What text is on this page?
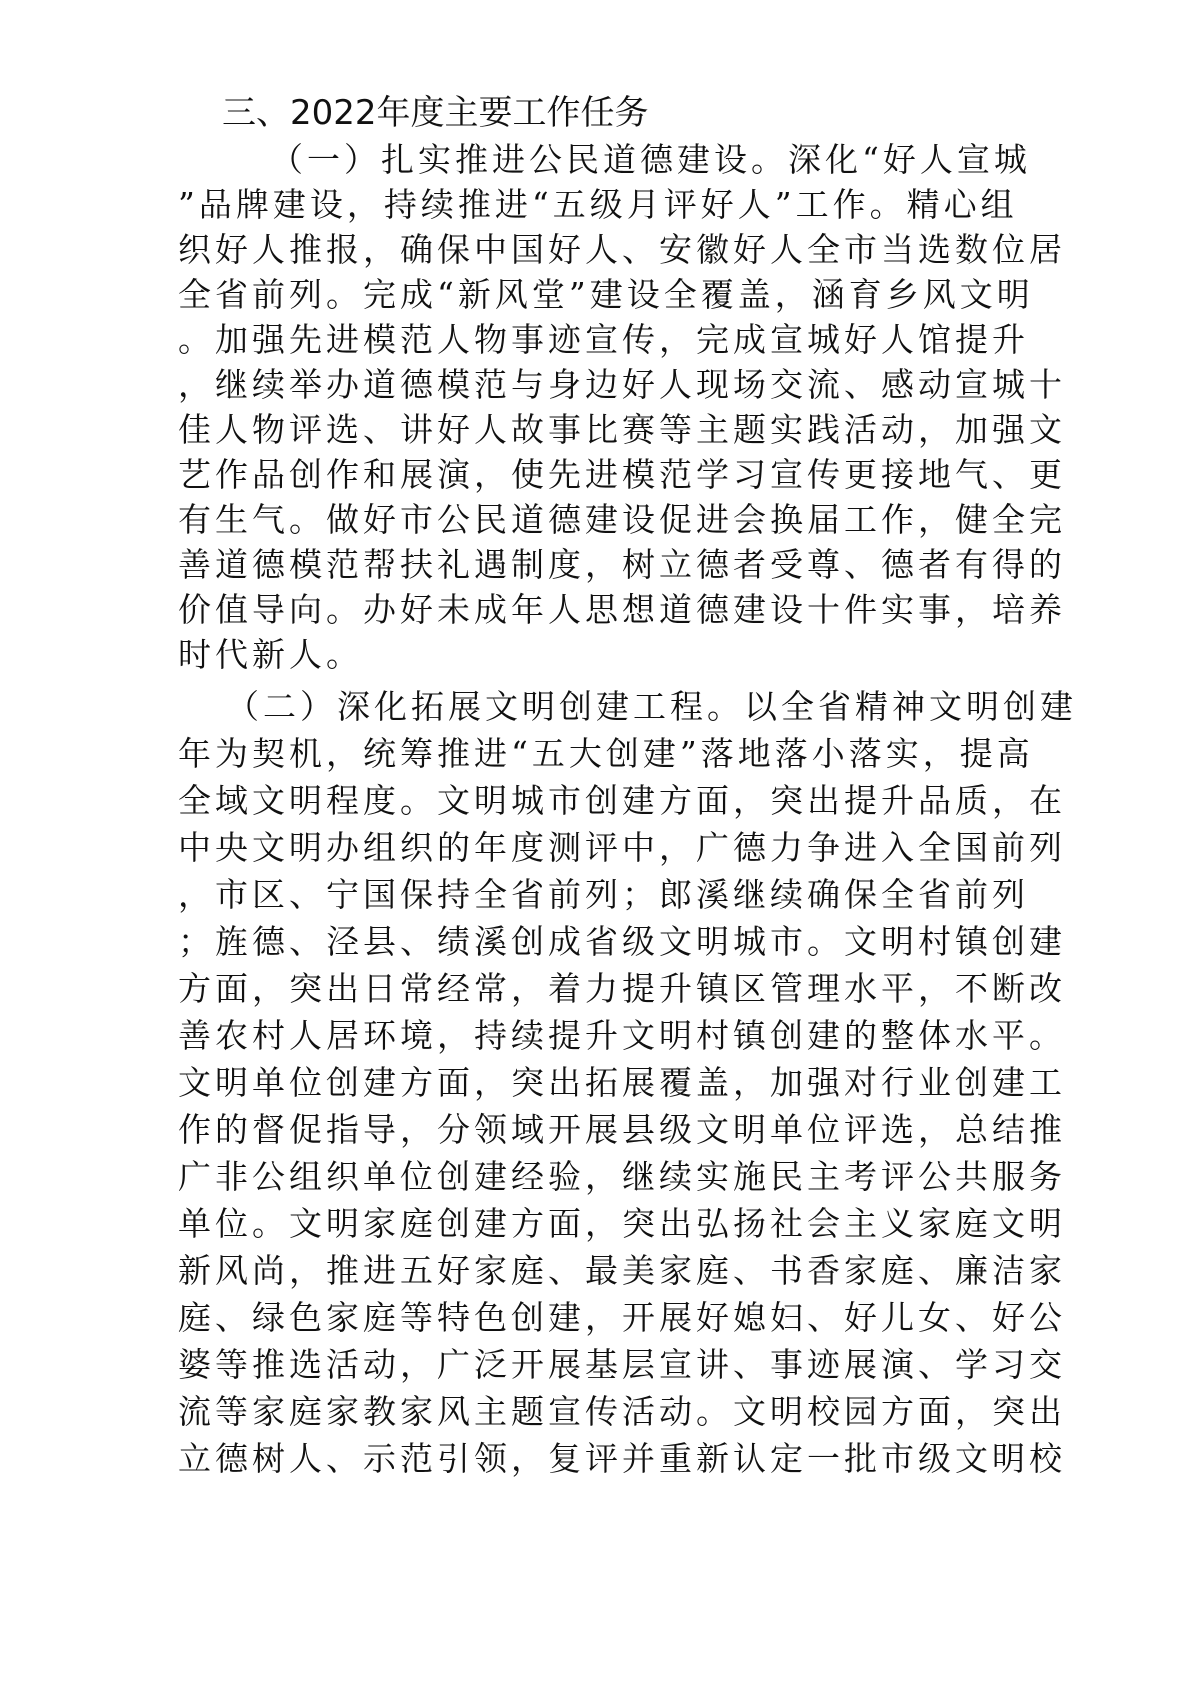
三、2022年度主要工作任务
（一）扎实推进公民道德建设。深化“好人宣城
”品牌建设，持续推进“五级月评好人”工作。精心组
织好人推报，确保中国好人、安徽好人全市当选数位居
全省前列。完成“新风堂”建设全覆盖，涵育乡风文明
。加强先进模范人物事迹宣传，完成宣城好人馆提升
，继续举办道德模范与身边好人现场交流、感动宣城十
佳人物评选、讲好人故事比赛等主题实践活动，加强文
艺作品创作和展演，使先进模范学习宣传更接地气、更
有生气。做好市公民道德建设促进会换届工作，健全完
善道德模范帮扶礼遇制度，树立德者受尊、德者有得的
价值导向。办好未成年人思想道德建设十件实事，培养
时代新人。
（二）深化拓展文明创建工程。以全省精神文明创建
年为契机，统筹推进“五大创建”落地落小落实，提高
全域文明程度。文明城市创建方面，突出提升品质，在
中央文明办组织的年度测评中，广德力争进入全国前列
，市区、宁国保持全省前列；郎溪继续确保全省前列
；旌德、泾县、绩溪创成省级文明城市。文明村镇创建
方面，突出日常经常，着力提升镇区管理水平，不断改
善农村人居环境，持续提升文明村镇创建的整体水平。
文明单位创建方面，突出拓展覆盖，加强对行业创建工
作的督促指导，分领域开展县级文明单位评选，总结推
广非公组织单位创建经验，继续实施民主考评公共服务
单位。文明家庭创建方面，突出弘扬社会主义家庭文明
新风尚，推进五好家庭、最美家庭、书香家庭、廉洁家
庭、绿色家庭等特色创建，开展好媳妇、好儿女、好公
婆等推选活动，广泛开展基层宣讲、事迹展演、学习交
流等家庭家教家风主题宣传活动。文明校园方面，突出
立德树人、示范引领，复评并重新认定一批市级文明校
